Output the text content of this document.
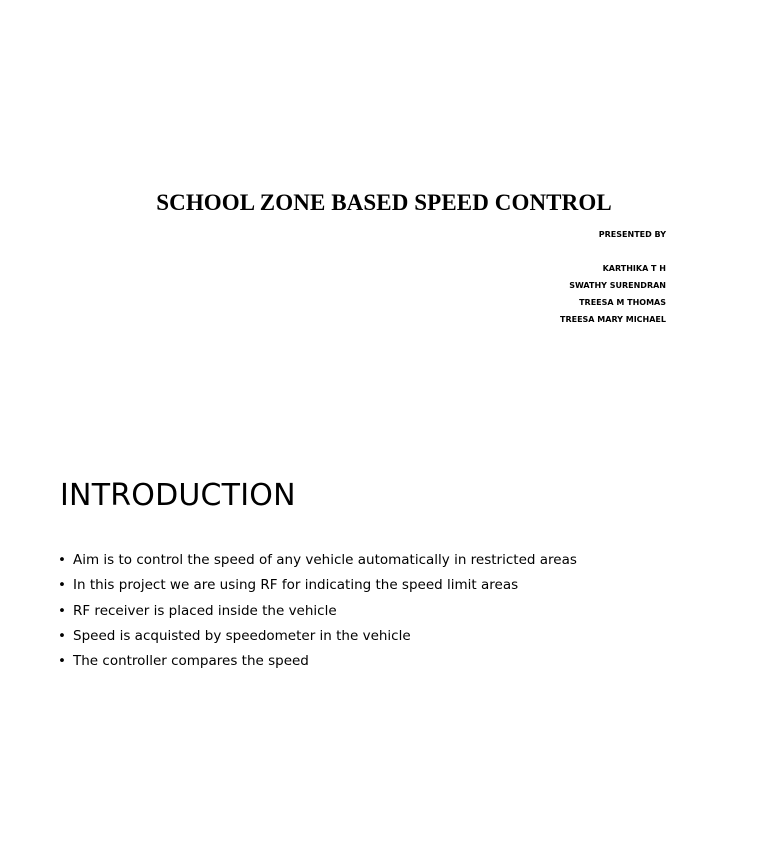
SCHOOL ZONE BASED SPEED CONTROL
PRESENTED BY
KARTHIKA T H
SWATHY SURENDRAN
TREESA M THOMAS
TREESA MARY MICHAEL
INTRODUCTION
• Aim is to control the speed of any vehicle automatically in restricted areas
• In this project we are using RF for indicating the speed limit areas
• RF receiver is placed inside the vehicle
• Speed is acquisted by speedometer in the vehicle
• The controller compares the speed
